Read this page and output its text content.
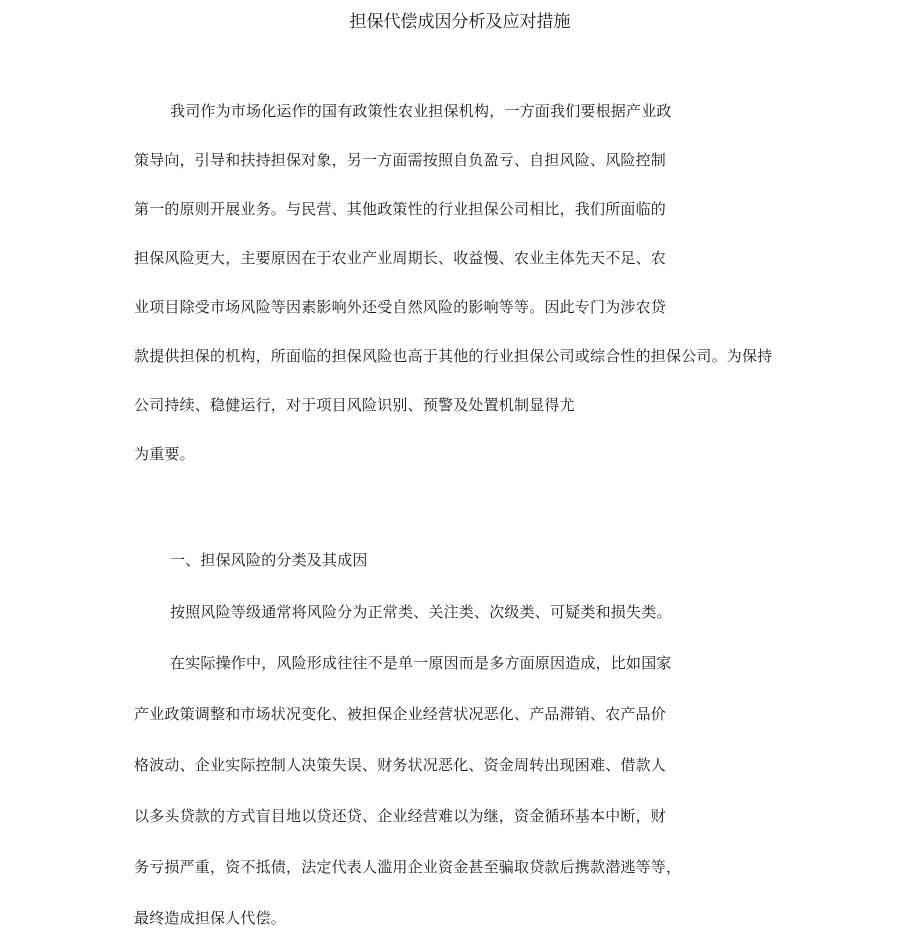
担保代偿成因分析及应对措施
我司作为市场化运作的国有政策性农业担保机构，一方面我们要根据产业政
策导向，引导和扶持担保对象，另一方面需按照自负盈亏、自担风险、风险控制
第一的原则开展业务。与民营、其他政策性的行业担保公司相比，我们所面临的
担保风险更大，主要原因在于农业产业周期长、收益慢、农业主体先天不足、农
业项目除受市场风险等因素影响外还受自然风险的影响等等。因此专门为涉农贷
款提供担保的机构，所面临的担保风险也高于其他的行业担保公司或综合性的担保公司。为保持
公司持续、稳健运行，对于项目风险识别、预警及处置机制显得尤
为重要。
一、担保风险的分类及其成因
按照风险等级通常将风险分为正常类、关注类、次级类、可疑类和损失类。
在实际操作中，风险形成往往不是单一原因而是多方面原因造成，比如国家
产业政策调整和市场状况变化、被担保企业经营状况恶化、产品滞销、农产品价
格波动、企业实际控制人决策失误、财务状况恶化、资金周转出现困难、借款人
以多头贷款的方式盲目地以贷还贷、企业经营难以为继，资金循环基本中断，财
务亏损严重，资不抵债，法定代表人滥用企业资金甚至骗取贷款后携款潜逃等等，
最终造成担保人代偿。
